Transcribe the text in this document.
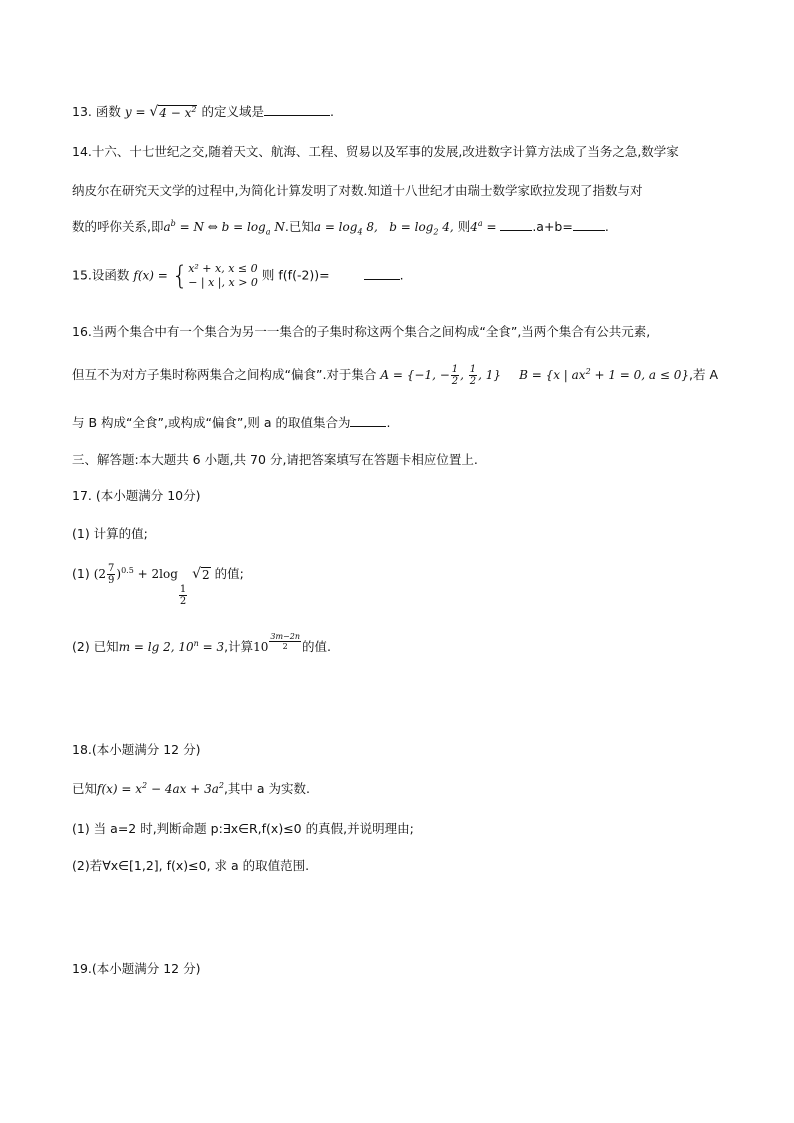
13. 函数 y = √ $4 - x^2$ 的定义域是	.
14.十六、十七世纪之交,随着天文、航海、工程、贸易以及军事的发展,改进数字计算方法成了当务之急,数学家
纳皮尔在研究天文学的过程中,为简化计算发明了对数.知道十八世纪才由瑞士数学家欧拉发现了指数与对
数的呼你关系,即$a^b = N$ ⇔ $b = \log_a N$.已知$a = \log_4 8$,   $b = \log_2 4$, 则$4^a$ =	.a+b=	.
15.设函数 f(x) = { x² + x, x ≤ 0
− | x |, x > 0 则 f(f(-2))=	.
16.当两个集合中有一个集合为另一一集合的子集时称这两个集合之间构成“全食”,当两个集合有公共元素,
但互不为对方子集时称两集合之间构成“偏食”.对于集合 A = {−1, − $\frac{1}{2}$ , $\frac{1}{2}$ , 1} B = {x | $ax^2 + 1 = 0$, a ≤ 0},若 A
与 B 构成“全食”,或构成“偏食”,则 a 的取值集合为	.
三、解答题:本大题共 6 小题,共 70 分,请把答案填写在答题卡相应位置上.
17. (本小题满分 10分)
(1) 计算的值;
(1) $(2 \frac{7}{9} )^{0.5} + 2\log$
$\frac{1}{2}$

√ 2 的值;
(2) 已知m = lg 2, $10^n = 3$,计算$10 \frac{3m-2n}{2}$ 的值.
18.(本小题满分 12 分)
已知$f(x) = x^2 - 4ax + 3a^2$,其中 a 为实数.
(1) 当 a=2 时,判断命题 p:∃x∈R,f(x)≤0 的真假,并说明理由;
(2)若∀x∈[1,2], f(x)≤0, 求 a 的取值范围.
19.(本小题满分 12 分)
